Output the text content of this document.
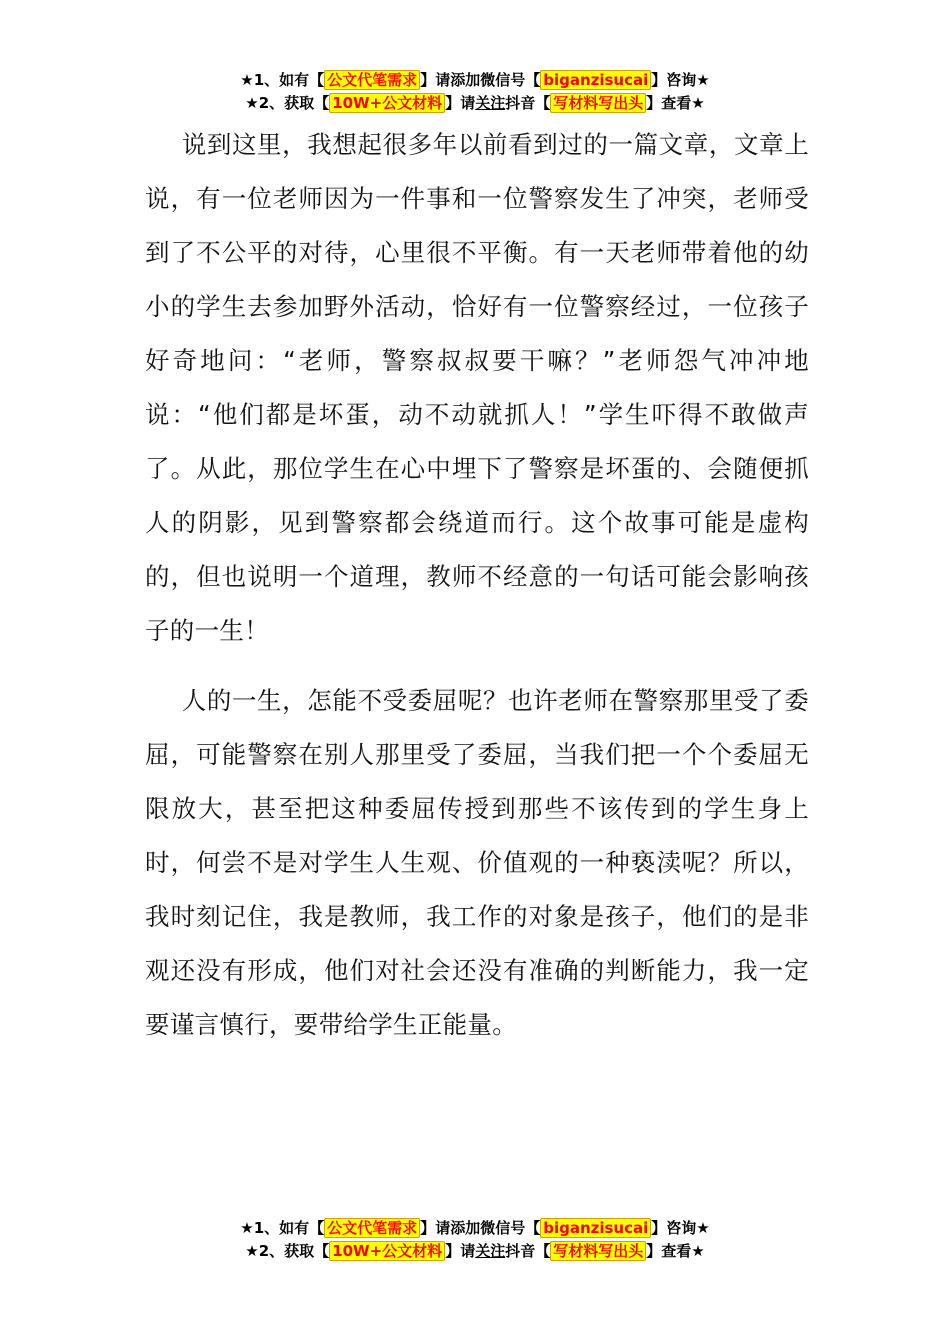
★1、如有【 公文代笔需求 】请添加微信号【 biganzisucai 】咨询★
★2、获取【 10W+公文材料 】请关注抖音【 写材料写出头 】查看★

说到这里，我想起很多年以前看到过的一篇文章，文章上说，有一位老师因为一件事和一位警察发生了冲突，老师受到了不公平的对待，心里很不平衡。有一天老师带着他的幼小的学生去参加野外活动，恰好有一位警察经过，一位孩子好奇地问：“老师，警察叔叔要干嘛？”老师怨气冲冲地说：“他们都是坏蛋，动不动就抓人！”学生吓得不敢做声了。从此，那位学生在心中埋下了警察是坏蛋的、会随便抓人的阴影，见到警察都会绕道而行。这个故事可能是虚构的，但也说明一个道理，教师不经意的一句话可能会影响孩子的一生！

人的一生，怎能不受委屈呢？也许老师在警察那里受了委屈，可能警察在别人那里受了委屈，当我们把一个个委屈无限放大，甚至把这种委屈传授到那些不该传到的学生身上时，何尝不是对学生人生观、价值观的一种亵渎呢？所以，我时刻记住，我是教师，我工作的对象是孩子，他们的是非观还没有形成，他们对社会还没有准确的判断能力，我一定要谨言慎行，要带给学生正能量。

★1、如有【 公文代笔需求 】请添加微信号【 biganzisucai 】咨询★
★2、获取【 10W+公文材料 】请关注抖音【 写材料写出头 】查看★
